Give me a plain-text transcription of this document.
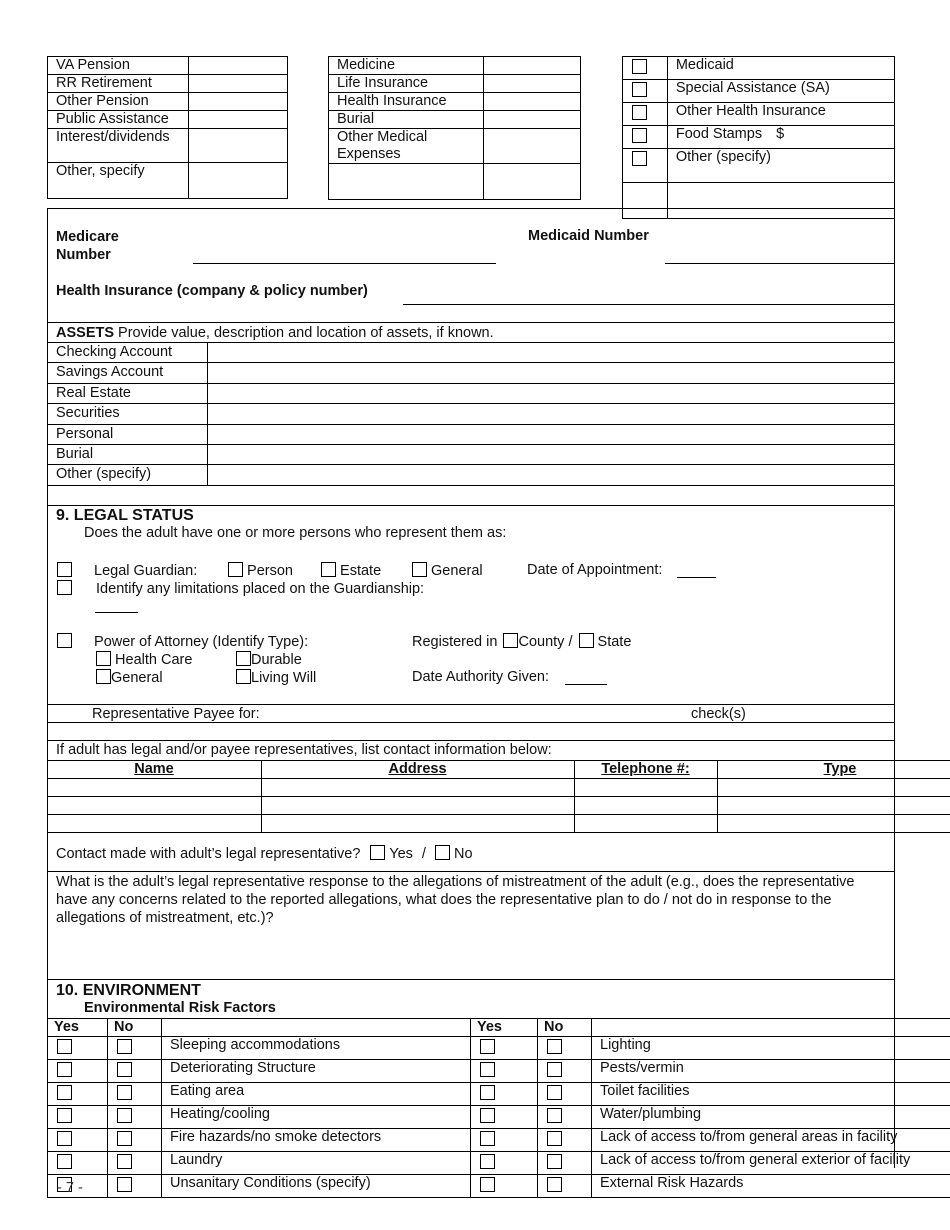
VA Pension	
RR Retirement	
Other Pension	
Public Assistance	
Interest/dividends	
Other, specify	
Medicine	
Life Insurance	
Health Insurance	
Burial	
Other Medical Expenses	

	Medicaid
	Special Assistance (SA)
	Other Health Insurance
	Food Stamps $
	Other (specify)

Medicare Number
Medicaid Number
Health Insurance (company & policy number)
ASSETS Provide value, description and location of assets, if known.
Checking Account
Savings Account
Real Estate
Securities
Personal
Burial
Other (specify)
9. LEGAL STATUS
Does the adult have one or more persons who represent them as:
Legal Guardian:	Person	Estate	General	Date of Appointment:
Identify any limitations placed on the Guardianship:
Power of Attorney (Identify Type):	Registered in County / State
Health Care	Durable
General	Living Will	Date Authority Given:
Representative Payee for:	check(s)
If adult has legal and/or payee representatives, list contact information below:
Name	Address	Telephone #:	Type

Contact made with adult’s legal representative? Yes / No
What is the adult’s legal representative response to the allegations of mistreatment of the adult (e.g., does the representative have any concerns related to the reported allegations, what does the representative plan to do / not do in response to the allegations of mistreatment, etc.)?
10. ENVIRONMENT
Environmental Risk Factors
Yes	No		Yes	No	
		Sleeping accommodations			Lighting
		Deteriorating Structure			Pests/vermin
		Eating area			Toilet facilities
		Heating/cooling			Water/plumbing
		Fire hazards/no smoke detectors			Lack of access to/from general areas in facility
		Laundry			Lack of access to/from general exterior of facility
		Unsanitary Conditions (specify)			External Risk Hazards
- 7 -
